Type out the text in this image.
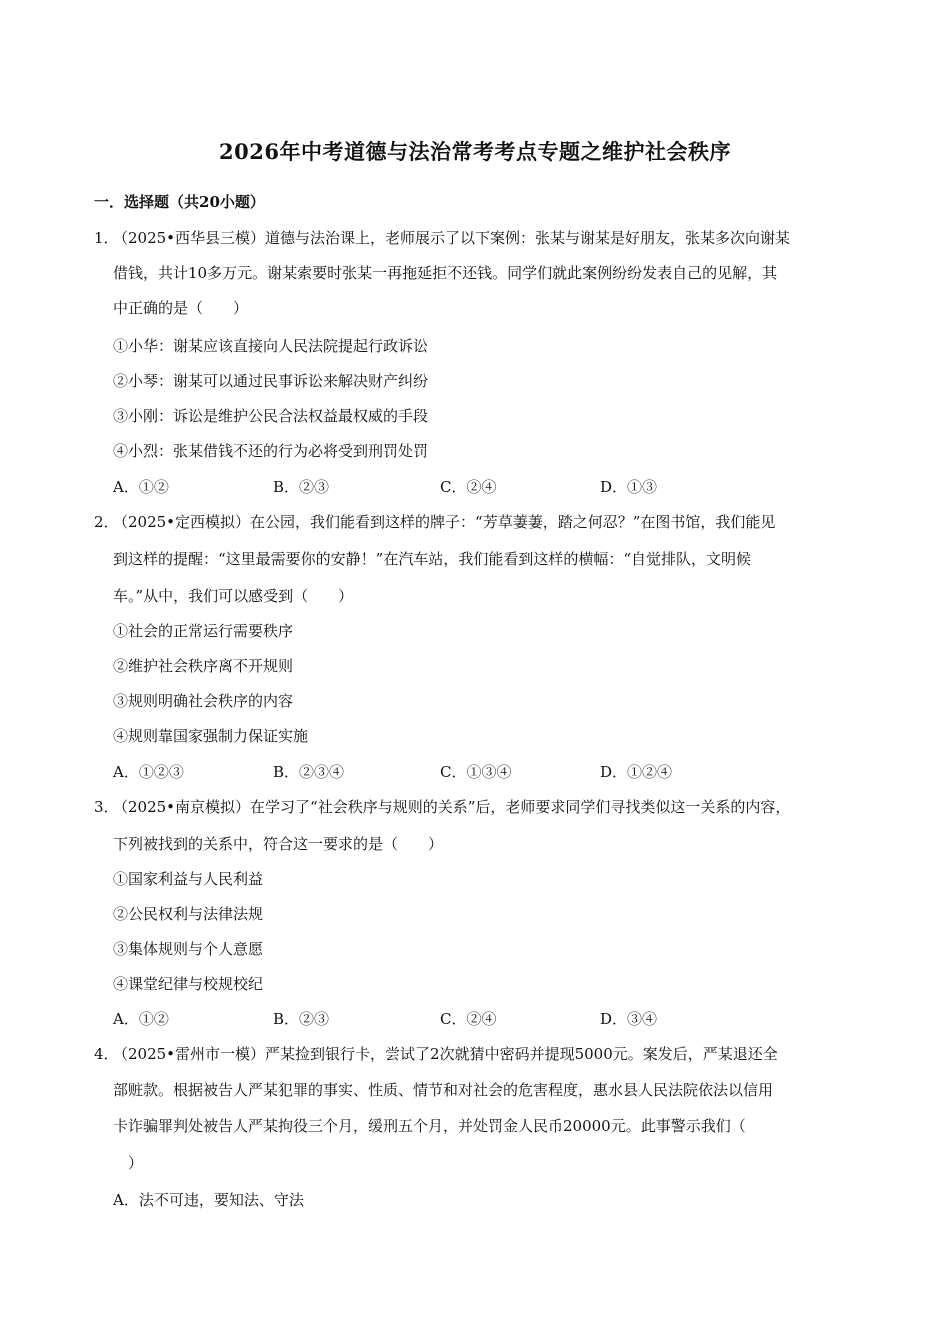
2026年中考道德与法治常考考点专题之维护社会秩序
一．选择题（共20小题）
1．
（2025•西华县三模）道德与法治课上，老师展示了以下案例：张某与谢某是好朋友，张某多次向谢某
借钱，共计10多万元。谢某索要时张某一再拖延拒不还钱。同学们就此案例纷纷发表自己的见解，其
中正确的是（　　）
①小华：谢某应该直接向人民法院提起行政诉讼
②小琴：谢某可以通过民事诉讼来解决财产纠纷
③小刚：诉讼是维护公民合法权益最权威的手段
④小烈：张某借钱不还的行为必将受到刑罚处罚
A．①②	B．②③	C．②④	D．①③
2．
（2025•定西模拟）在公园，我们能看到这样的牌子：“芳草萋萋，踏之何忍？”在图书馆，我们能见
到这样的提醒：“这里最需要你的安静！”在汽车站，我们能看到这样的横幅：“自觉排队，文明候
车。”从中，我们可以感受到（　　）
①社会的正常运行需要秩序
②维护社会秩序离不开规则
③规则明确社会秩序的内容
④规则靠国家强制力保证实施
A．①②③	B．②③④	C．①③④	D．①②④
3．
（2025•南京模拟）在学习了“社会秩序与规则的关系”后，老师要求同学们寻找类似这一关系的内容，
下列被找到的关系中，符合这一要求的是（　　）
①国家利益与人民利益
②公民权利与法律法规
③集体规则与个人意愿
④课堂纪律与校规校纪
A．①②	B．②③	C．②④	D．③④
4．
（2025•雷州市一模）严某捡到银行卡，尝试了2次就猜中密码并提现5000元。案发后，严某退还全
部赃款。根据被告人严某犯罪的事实、性质、情节和对社会的危害程度，惠水县人民法院依法以信用
卡诈骗罪判处被告人严某拘役三个月，缓刑五个月，并处罚金人民币20000元。此事警示我们（
　）
A．法不可违，要知法、守法
